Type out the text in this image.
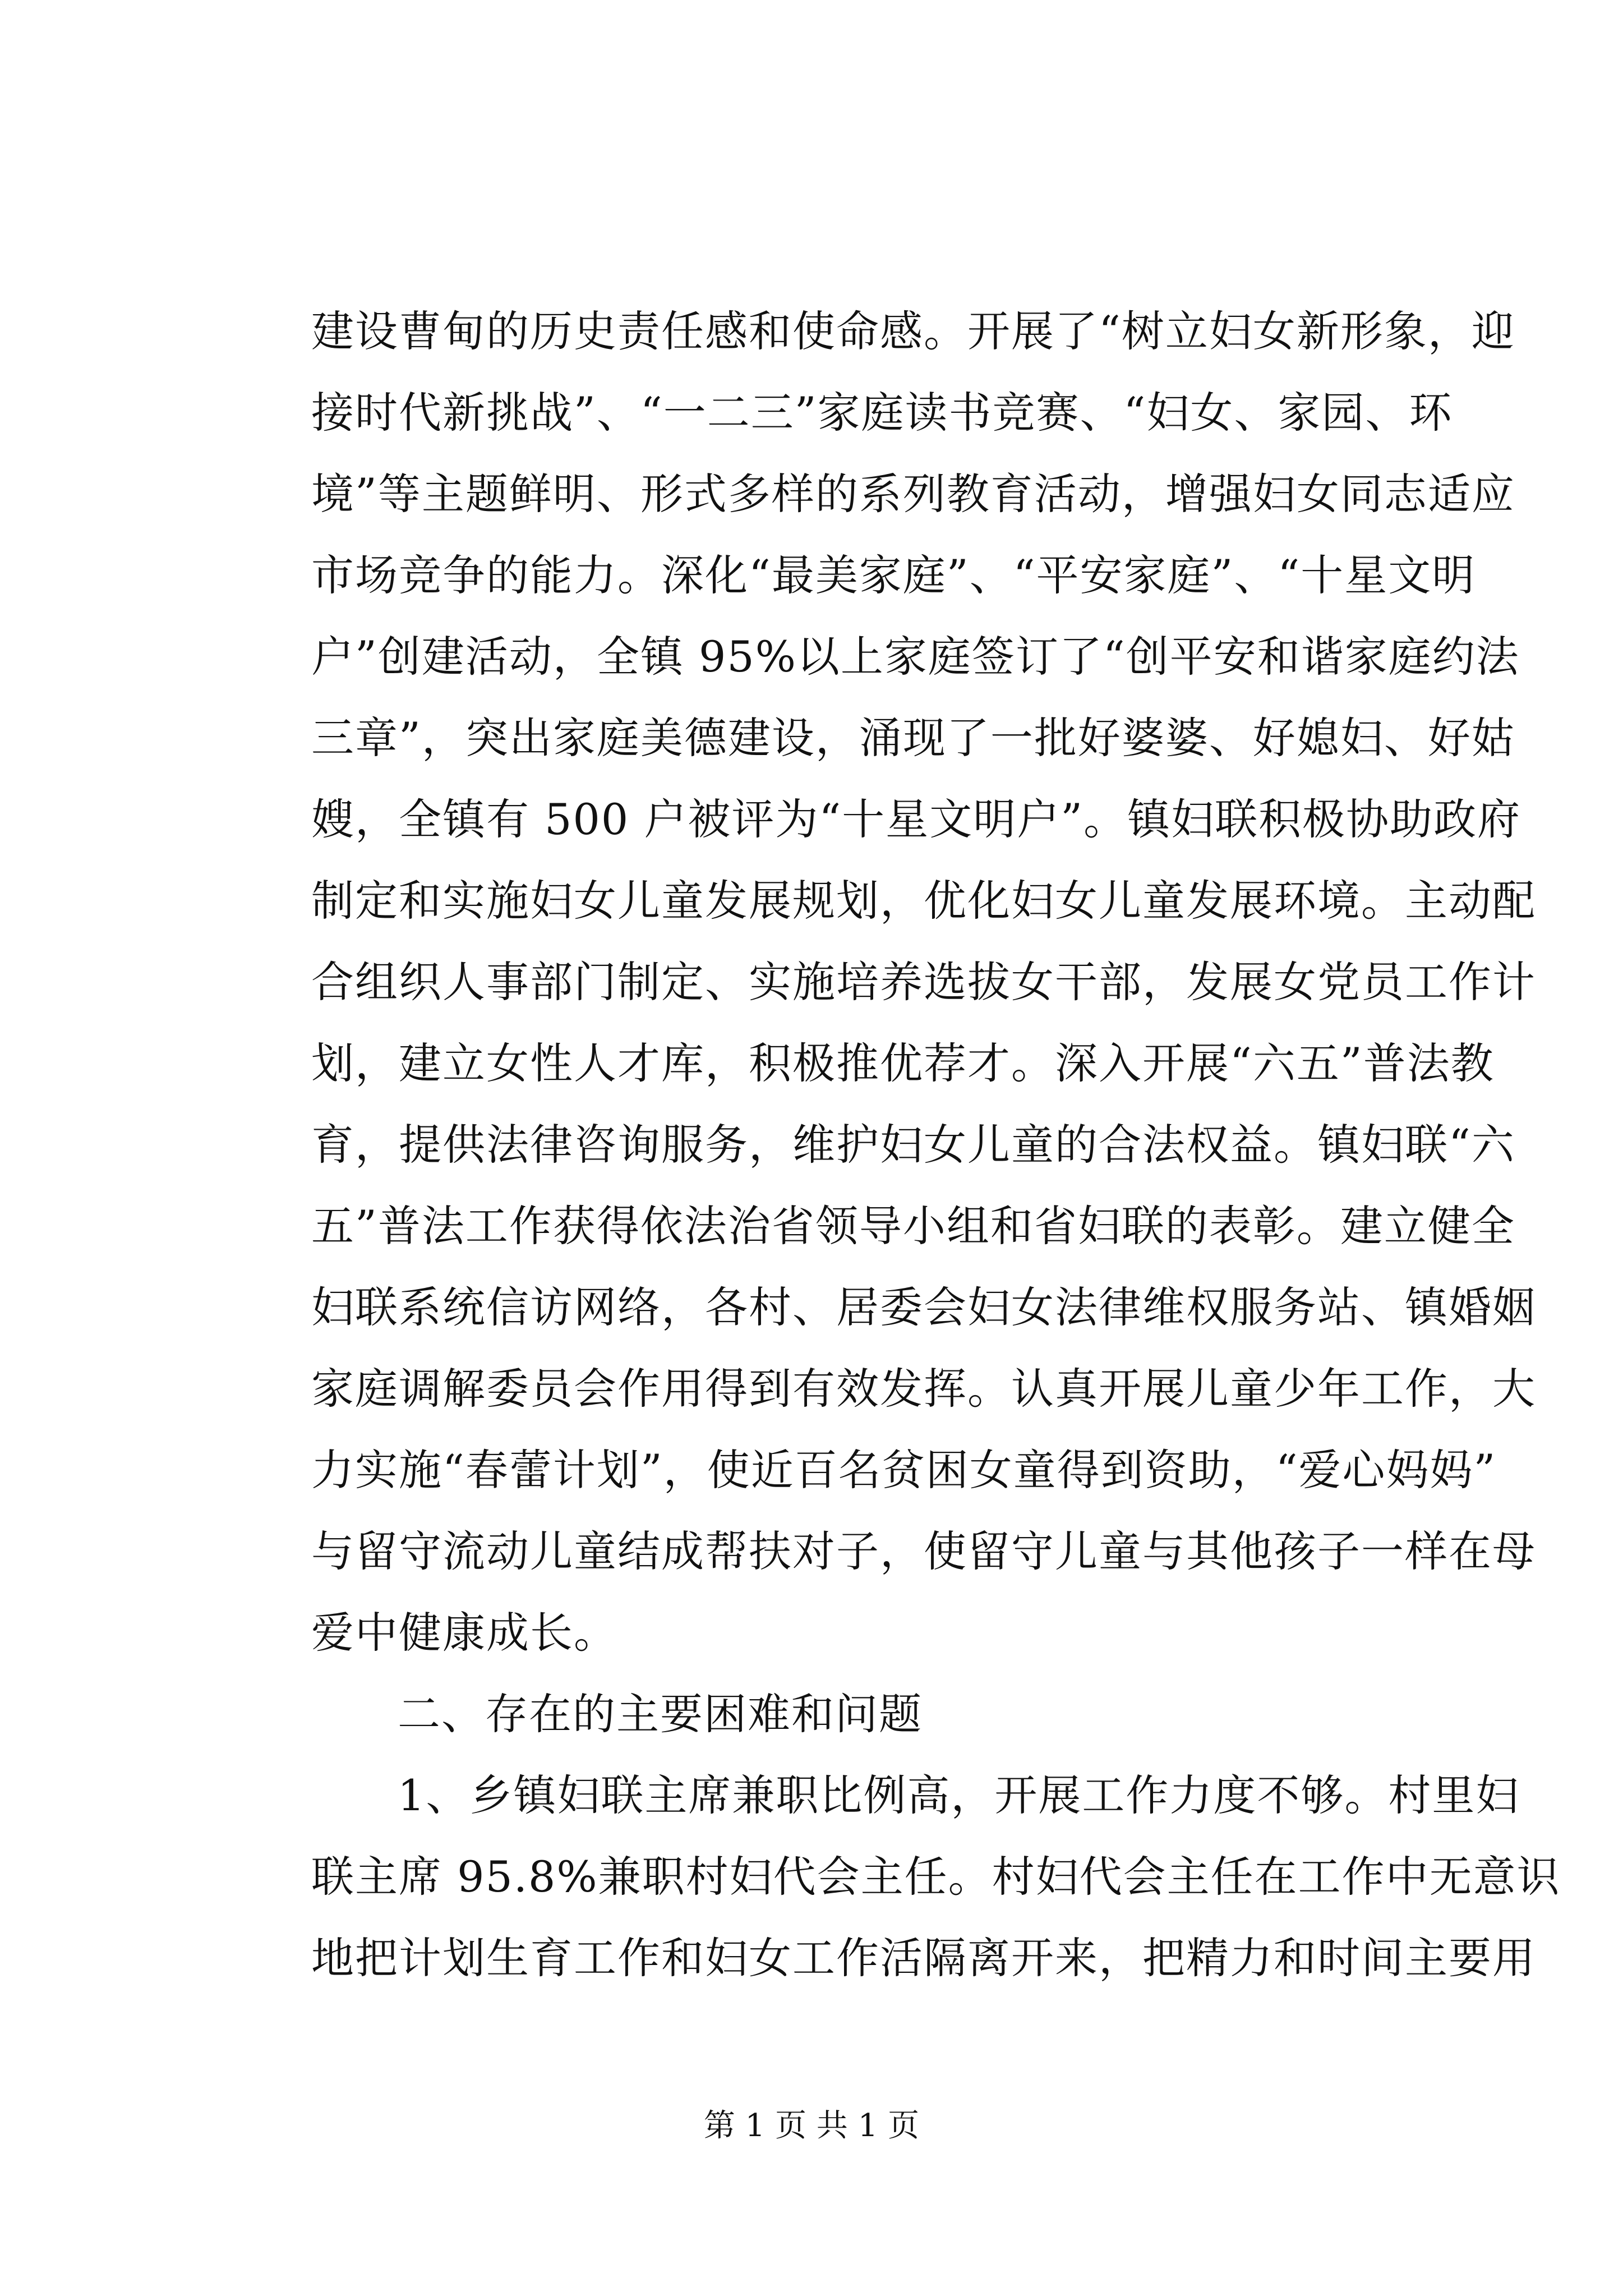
建设曹甸的历史责任感和使命感。开展了“树立妇女新形象，迎
接时代新挑战”、“一二三”家庭读书竞赛、“妇女、家园、环
境”等主题鲜明、形式多样的系列教育活动，增强妇女同志适应
市场竞争的能力。深化“最美家庭”、“平安家庭”、“十星文明
户”创建活动，全镇 95%以上家庭签订了“创平安和谐家庭约法
三章”，突出家庭美德建设，涌现了一批好婆婆、好媳妇、好姑
嫂，全镇有 500 户被评为“十星文明户”。镇妇联积极协助政府
制定和实施妇女儿童发展规划，优化妇女儿童发展环境。主动配
合组织人事部门制定、实施培养选拔女干部，发展女党员工作计
划，建立女性人才库，积极推优荐才。深入开展“六五”普法教
育，提供法律咨询服务，维护妇女儿童的合法权益。镇妇联“六
五”普法工作获得依法治省领导小组和省妇联的表彰。建立健全
妇联系统信访网络，各村、居委会妇女法律维权服务站、镇婚姻
家庭调解委员会作用得到有效发挥。认真开展儿童少年工作，大
力实施“春蕾计划”，使近百名贫困女童得到资助，“爱心妈妈”
与留守流动儿童结成帮扶对子，使留守儿童与其他孩子一样在母
爱中健康成长。
二、存在的主要困难和问题
1、乡镇妇联主席兼职比例高，开展工作力度不够。村里妇
联主席 95.8%兼职村妇代会主任。村妇代会主任在工作中无意识
地把计划生育工作和妇女工作活隔离开来，把精力和时间主要用
第 1 页 共 1 页
